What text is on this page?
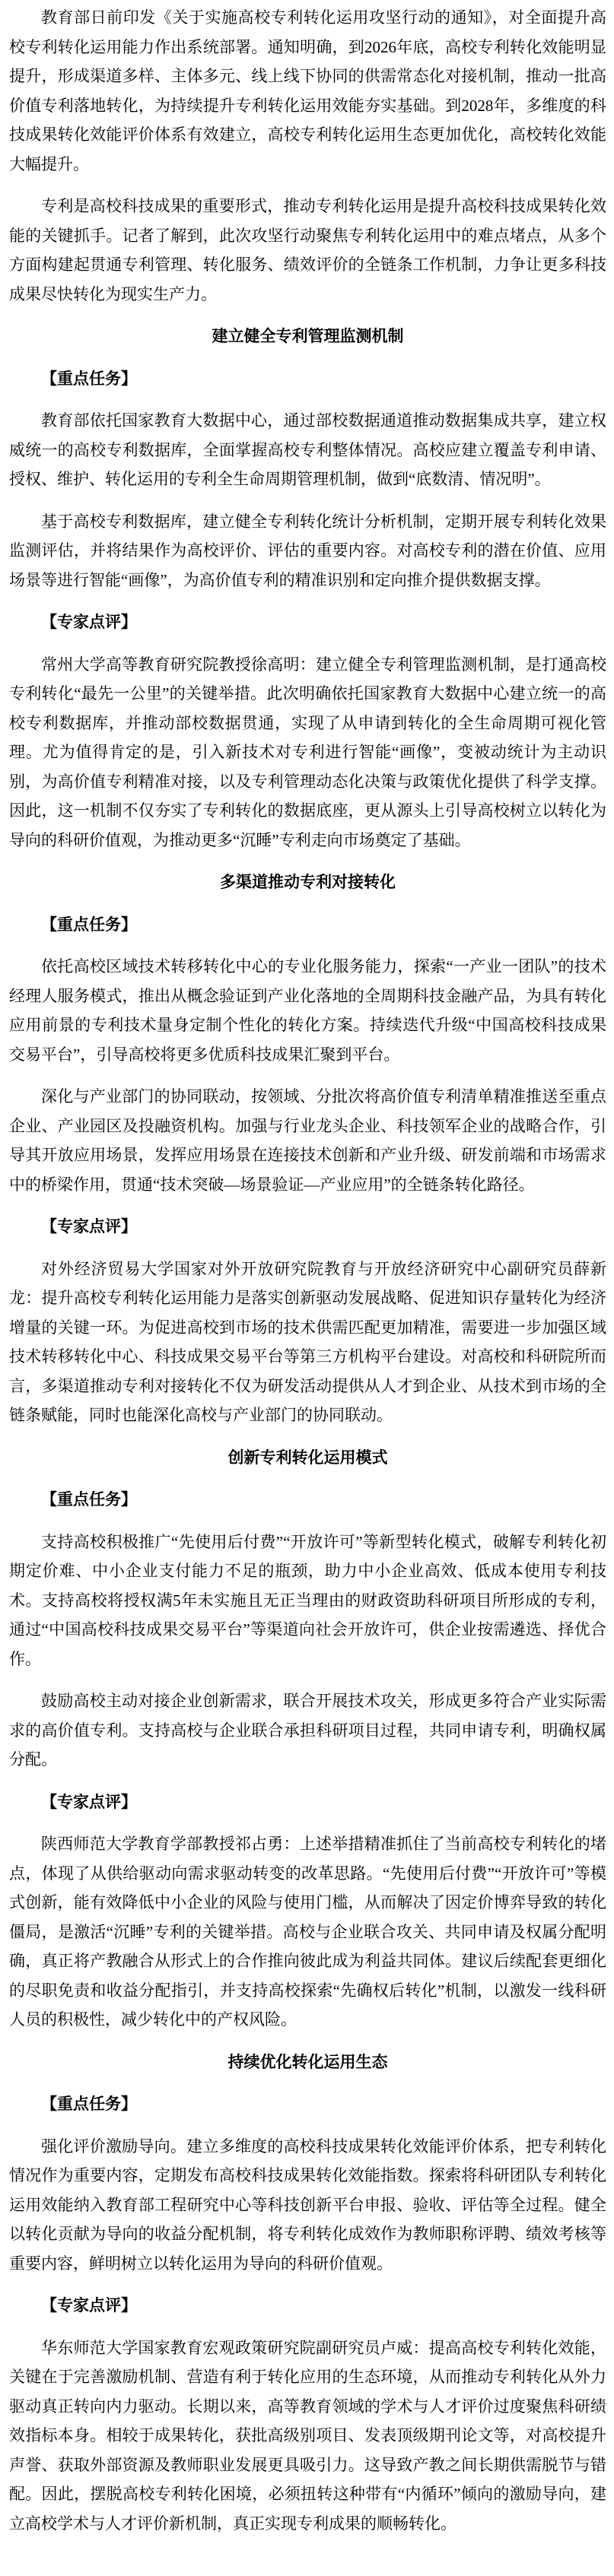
教育部日前印发《关于实施高校专利转化运用攻坚行动的通知》，对全面提升高校专利转化运用能力作出系统部署。通知明确，到2026年底，高校专利转化效能明显提升，形成渠道多样、主体多元、线上线下协同的供需常态化对接机制，推动一批高价值专利落地转化，为持续提升专利转化运用效能夯实基础。到2028年，多维度的科技成果转化效能评价体系有效建立，高校专利转化运用生态更加优化，高校转化效能大幅提升。

专利是高校科技成果的重要形式，推动专利转化运用是提升高校科技成果转化效能的关键抓手。记者了解到，此次攻坚行动聚焦专利转化运用中的难点堵点，从多个方面构建起贯通专利管理、转化服务、绩效评价的全链条工作机制，力争让更多科技成果尽快转化为现实生产力。

建立健全专利管理监测机制

【重点任务】

教育部依托国家教育大数据中心，通过部校数据通道推动数据集成共享，建立权威统一的高校专利数据库，全面掌握高校专利整体情况。高校应建立覆盖专利申请、授权、维护、转化运用的专利全生命周期管理机制，做到“底数清、情况明”。

基于高校专利数据库，建立健全专利转化统计分析机制，定期开展专利转化效果监测评估，并将结果作为高校评价、评估的重要内容。对高校专利的潜在价值、应用场景等进行智能“画像”，为高价值专利的精准识别和定向推介提供数据支撑。

【专家点评】

常州大学高等教育研究院教授徐高明：建立健全专利管理监测机制，是打通高校专利转化“最先一公里”的关键举措。此次明确依托国家教育大数据中心建立统一的高校专利数据库，并推动部校数据贯通，实现了从申请到转化的全生命周期可视化管理。尤为值得肯定的是，引入新技术对专利进行智能“画像”，变被动统计为主动识别，为高价值专利精准对接，以及专利管理动态化决策与政策优化提供了科学支撑。因此，这一机制不仅夯实了专利转化的数据底座，更从源头上引导高校树立以转化为导向的科研价值观，为推动更多“沉睡”专利走向市场奠定了基础。

多渠道推动专利对接转化

【重点任务】

依托高校区域技术转移转化中心的专业化服务能力，探索“一产业一团队”的技术经理人服务模式，推出从概念验证到产业化落地的全周期科技金融产品，为具有转化应用前景的专利技术量身定制个性化的转化方案。持续迭代升级“中国高校科技成果交易平台”，引导高校将更多优质科技成果汇聚到平台。

深化与产业部门的协同联动，按领域、分批次将高价值专利清单精准推送至重点企业、产业园区及投融资机构。加强与行业龙头企业、科技领军企业的战略合作，引导其开放应用场景，发挥应用场景在连接技术创新和产业升级、研发前端和市场需求中的桥梁作用，贯通“技术突破—场景验证—产业应用”的全链条转化路径。

【专家点评】

对外经济贸易大学国家对外开放研究院教育与开放经济研究中心副研究员薛新龙：提升高校专利转化运用能力是落实创新驱动发展战略、促进知识存量转化为经济增量的关键一环。为促进高校到市场的技术供需匹配更加精准，需要进一步加强区域技术转移转化中心、科技成果交易平台等第三方机构平台建设。对高校和科研院所而言，多渠道推动专利对接转化不仅为研发活动提供从人才到企业、从技术到市场的全链条赋能，同时也能深化高校与产业部门的协同联动。

创新专利转化运用模式

【重点任务】

支持高校积极推广“先使用后付费”“开放许可”等新型转化模式，破解专利转化初期定价难、中小企业支付能力不足的瓶颈，助力中小企业高效、低成本使用专利技术。支持高校将授权满5年未实施且无正当理由的财政资助科研项目所形成的专利，通过“中国高校科技成果交易平台”等渠道向社会开放许可，供企业按需遴选、择优合作。

鼓励高校主动对接企业创新需求，联合开展技术攻关，形成更多符合产业实际需求的高价值专利。支持高校与企业联合承担科研项目过程，共同申请专利，明确权属分配。

【专家点评】

陕西师范大学教育学部教授祁占勇：上述举措精准抓住了当前高校专利转化的堵点，体现了从供给驱动向需求驱动转变的改革思路。“先使用后付费”“开放许可”等模式创新，能有效降低中小企业的风险与使用门槛，从而解决了因定价博弈导致的转化僵局，是激活“沉睡”专利的关键举措。高校与企业联合攻关、共同申请及权属分配明确，真正将产教融合从形式上的合作推向彼此成为利益共同体。建议后续配套更细化的尽职免责和收益分配指引，并支持高校探索“先确权后转化”机制，以激发一线科研人员的积极性，减少转化中的产权风险。

持续优化转化运用生态

【重点任务】

强化评价激励导向。建立多维度的高校科技成果转化效能评价体系，把专利转化情况作为重要内容，定期发布高校科技成果转化效能指数。探索将科研团队专利转化运用效能纳入教育部工程研究中心等科技创新平台申报、验收、评估等全过程。健全以转化贡献为导向的收益分配机制，将专利转化成效作为教师职称评聘、绩效考核等重要内容，鲜明树立以转化运用为导向的科研价值观。

【专家点评】

华东师范大学国家教育宏观政策研究院副研究员卢威：提高高校专利转化效能，关键在于完善激励机制、营造有利于转化应用的生态环境，从而推动专利转化从外力驱动真正转向内力驱动。长期以来，高等教育领域的学术与人才评价过度聚焦科研绩效指标本身。相较于成果转化，获批高级别项目、发表顶级期刊论文等，对高校提升声誉、获取外部资源及教师职业发展更具吸引力。这导致产教之间长期供需脱节与错配。因此，摆脱高校专利转化困境，必须扭转这种带有“内循环”倾向的激励导向，建立高校学术与人才评价新机制，真正实现专利成果的顺畅转化。
